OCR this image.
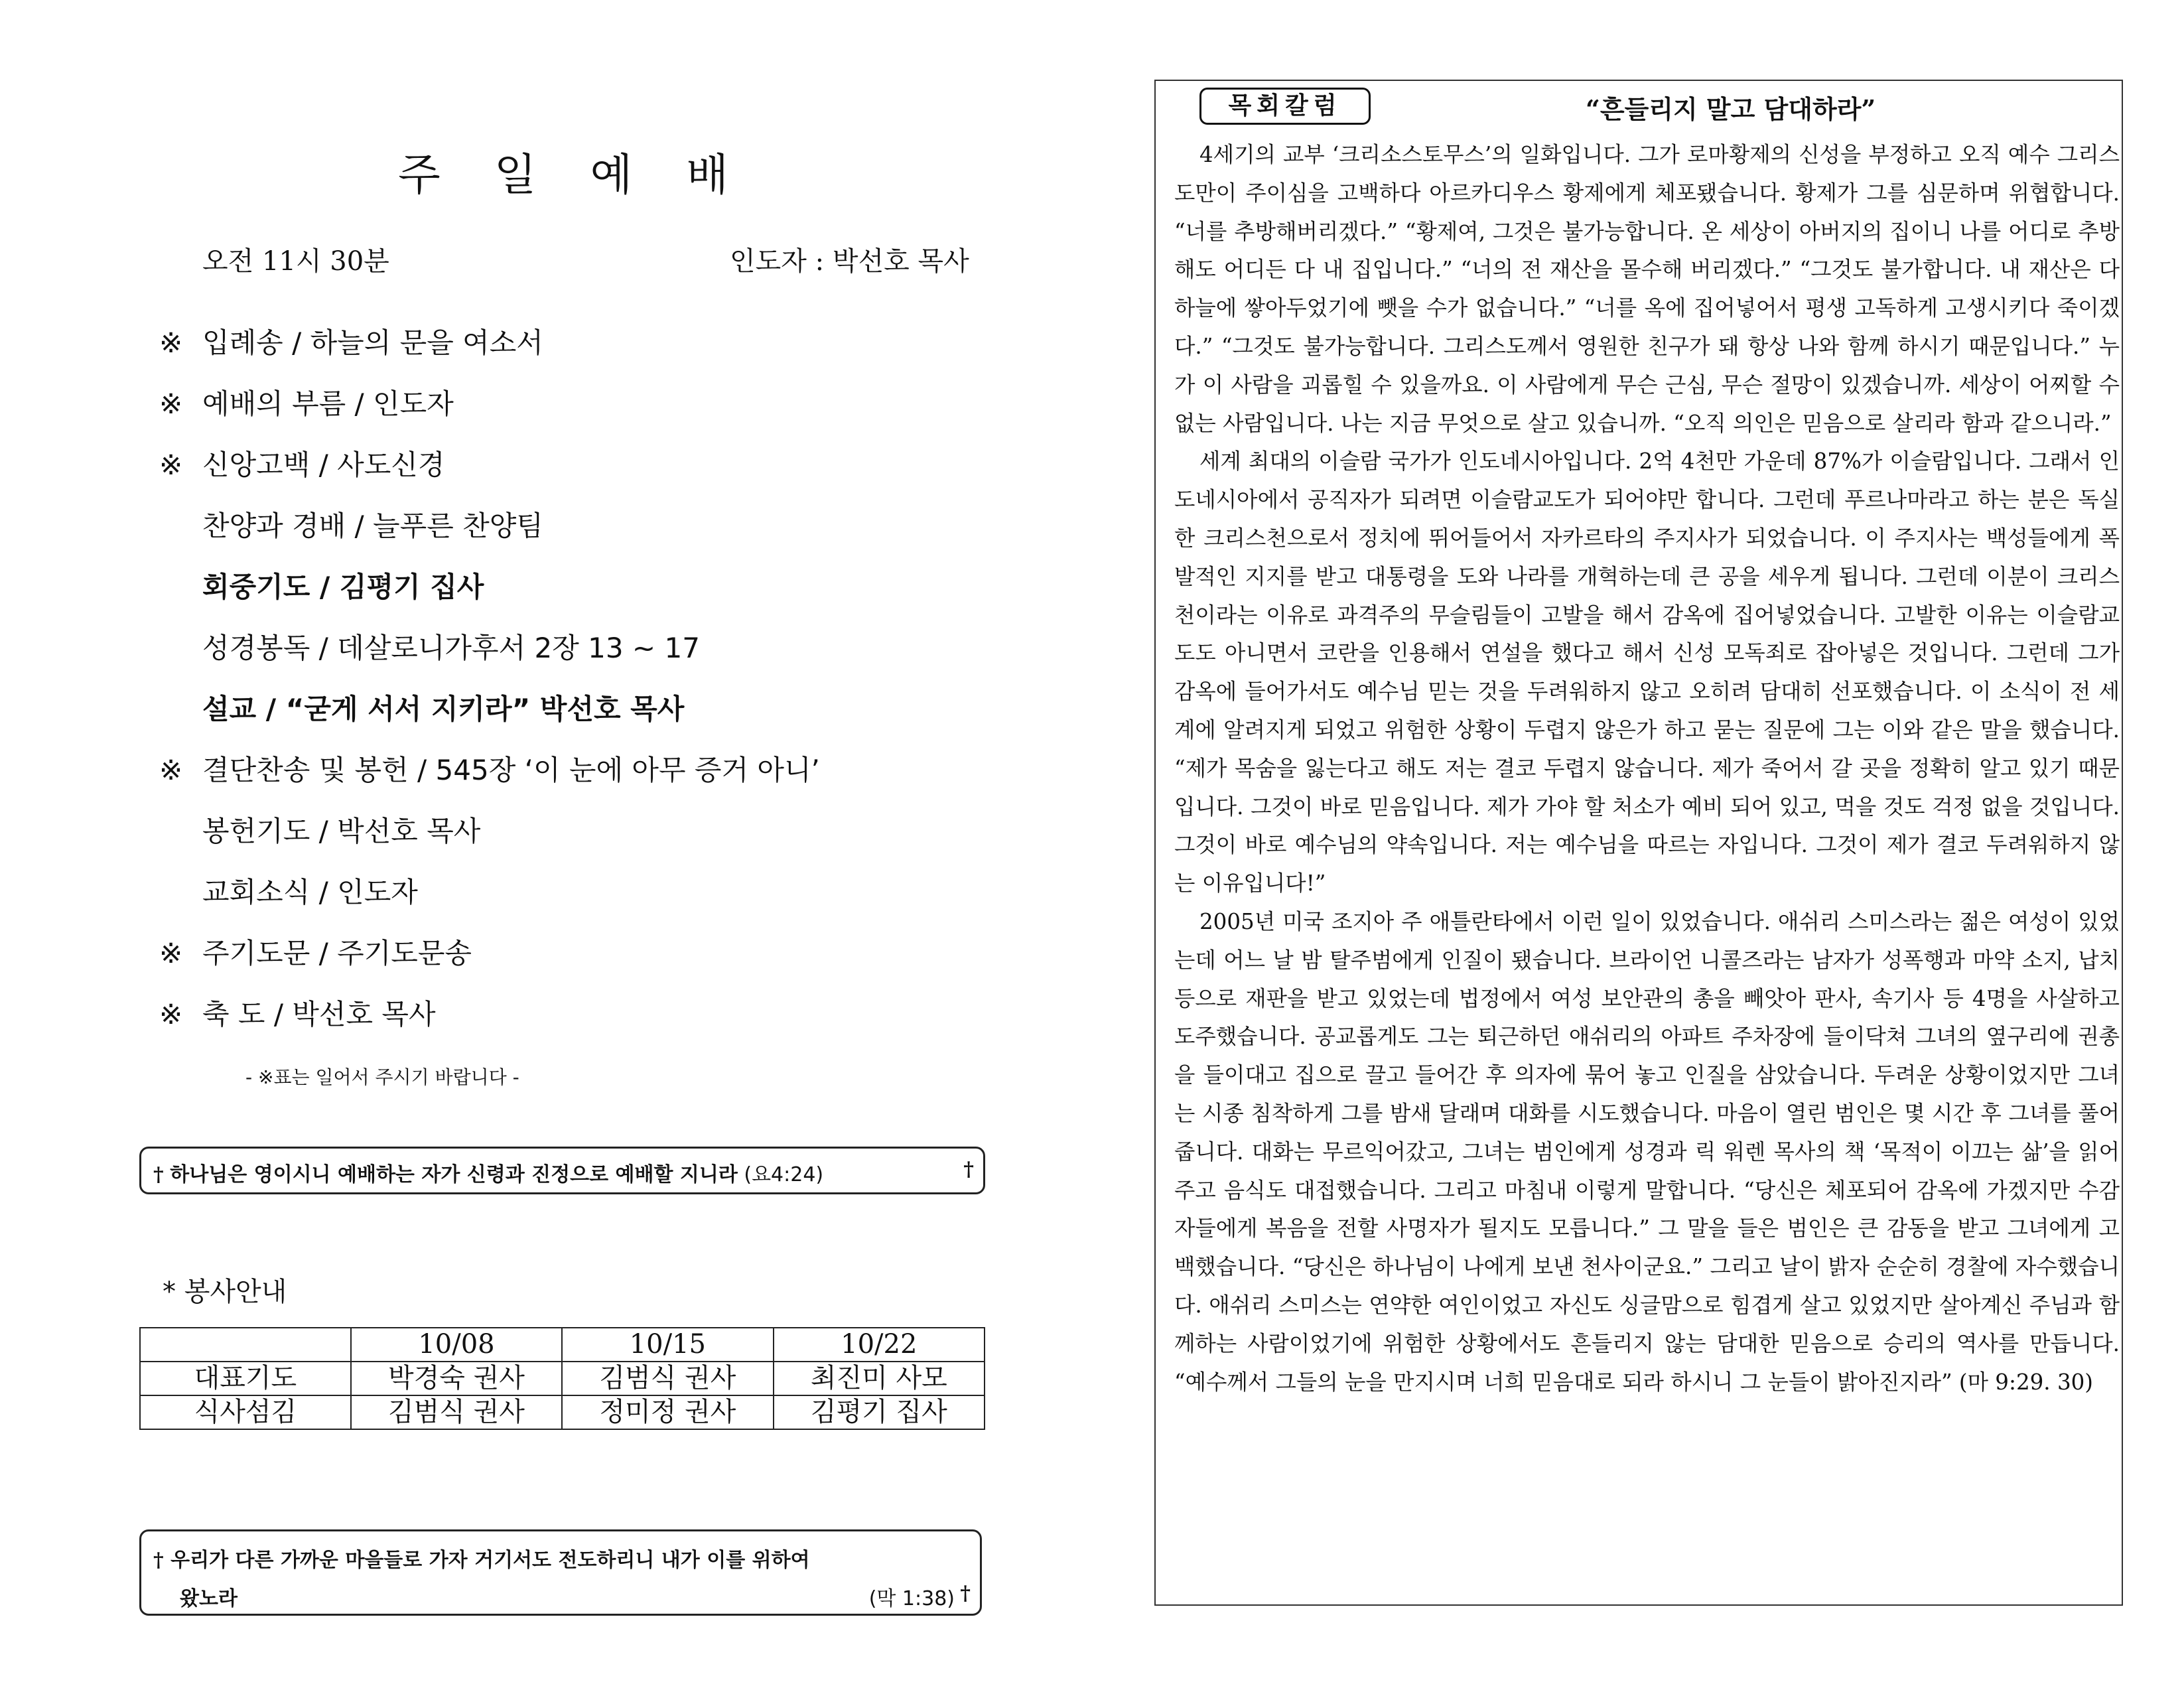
주 일 예 배
오전 11시 30분	인도자 : 박선호 목사
※ 입례송 / 하늘의 문을 여소서
※ 예배의 부름 / 인도자
※ 신앙고백 / 사도신경
찬양과 경배 / 늘푸른 찬양팀
회중기도 / 김평기 집사
성경봉독 / 데살로니가후서 2장 13 ~ 17
설교 / “굳게 서서 지키라” 박선호 목사
※ 결단찬송 및 봉헌 / 545장 ‘이 눈에 아무 증거 아니’
봉헌기도 / 박선호 목사
교회소식 / 인도자
※ 주기도문 / 주기도문송
※ 축 도 / 박선호 목사
- ※표는 일어서 주시기 바랍니다 -
† 하나님은 영이시니 예배하는 자가 신령과 진정으로 예배할 지니라 (요4:24)	†
* 봉사안내
	10/08	10/15	10/22
대표기도	박경숙 권사	김범식 권사	최진미 사모
식사섬김	김범식 권사	정미정 권사	김평기 집사
† 우리가 다른 가까운 마을들로 가자 거기서도 전도하리니 내가 이를 위하여
왔노라	(막 1:38) †
목회칼럼	“흔들리지 말고 담대하라”

4세기의 교부 ‘크리소스토무스’의 일화입니다. 그가 로마황제의 신성을 부정하고 오직 예수 그리스도만이 주이심을 고백하다 아르카디우스 황제에게 체포됐습니다. 황제가 그를 심문하며 위협합니다. “너를 추방해버리겠다.” “황제여, 그것은 불가능합니다. 온 세상이 아버지의 집이니 나를 어디로 추방해도 어디든 다 내 집입니다.” “너의 전 재산을 몰수해 버리겠다.” “그것도 불가합니다. 내 재산은 다 하늘에 쌓아두었기에 뺏을 수가 없습니다.” “너를 옥에 집어넣어서 평생 고독하게 고생시키다 죽이겠다.” “그것도 불가능합니다. 그리스도께서 영원한 친구가 돼 항상 나와 함께 하시기 때문입니다.” 누가 이 사람을 괴롭힐 수 있을까요. 이 사람에게 무슨 근심, 무슨 절망이 있겠습니까. 세상이 어찌할 수 없는 사람입니다. 나는 지금 무엇으로 살고 있습니까. “오직 의인은 믿음으로 살리라 함과 같으니라.”

세계 최대의 이슬람 국가가 인도네시아입니다. 2억 4천만 가운데 87%가 이슬람입니다. 그래서 인도네시아에서 공직자가 되려면 이슬람교도가 되어야만 합니다. 그런데 푸르나마라고 하는 분은 독실한 크리스천으로서 정치에 뛰어들어서 자카르타의 주지사가 되었습니다. 이 주지사는 백성들에게 폭발적인 지지를 받고 대통령을 도와 나라를 개혁하는데 큰 공을 세우게 됩니다. 그런데 이분이 크리스천이라는 이유로 과격주의 무슬림들이 고발을 해서 감옥에 집어넣었습니다. 고발한 이유는 이슬람교도도 아니면서 코란을 인용해서 연설을 했다고 해서 신성 모독죄로 잡아넣은 것입니다. 그런데 그가 감옥에 들어가서도 예수님 믿는 것을 두려워하지 않고 오히려 담대히 선포했습니다. 이 소식이 전 세계에 알려지게 되었고 위험한 상황이 두렵지 않은가 하고 묻는 질문에 그는 이와 같은 말을 했습니다. “제가 목숨을 잃는다고 해도 저는 결코 두렵지 않습니다. 제가 죽어서 갈 곳을 정확히 알고 있기 때문입니다. 그것이 바로 믿음입니다. 제가 가야 할 처소가 예비 되어 있고, 먹을 것도 걱정 없을 것입니다. 그것이 바로 예수님의 약속입니다. 저는 예수님을 따르는 자입니다. 그것이 제가 결코 두려워하지 않는 이유입니다!”

2005년 미국 조지아 주 애틀란타에서 이런 일이 있었습니다. 애쉬리 스미스라는 젊은 여성이 있었는데 어느 날 밤 탈주범에게 인질이 됐습니다. 브라이언 니콜즈라는 남자가 성폭행과 마약 소지, 납치 등으로 재판을 받고 있었는데 법정에서 여성 보안관의 총을 빼앗아 판사, 속기사 등 4명을 사살하고 도주했습니다. 공교롭게도 그는 퇴근하던 애쉬리의 아파트 주차장에 들이닥쳐 그녀의 옆구리에 권총을 들이대고 집으로 끌고 들어간 후 의자에 묶어 놓고 인질을 삼았습니다. 두려운 상황이었지만 그녀는 시종 침착하게 그를 밤새 달래며 대화를 시도했습니다. 마음이 열린 범인은 몇 시간 후 그녀를 풀어 줍니다. 대화는 무르익어갔고, 그녀는 범인에게 성경과 릭 워렌 목사의 책 ‘목적이 이끄는 삶’을 읽어주고 음식도 대접했습니다. 그리고 마침내 이렇게 말합니다. “당신은 체포되어 감옥에 가겠지만 수감자들에게 복음을 전할 사명자가 될지도 모릅니다.” 그 말을 들은 범인은 큰 감동을 받고 그녀에게 고백했습니다. “당신은 하나님이 나에게 보낸 천사이군요.” 그리고 날이 밝자 순순히 경찰에 자수했습니다. 애쉬리 스미스는 연약한 여인이었고 자신도 싱글맘으로 힘겹게 살고 있었지만 살아계신 주님과 함께하는 사람이었기에 위험한 상황에서도 흔들리지 않는 담대한 믿음으로 승리의 역사를 만듭니다. “예수께서 그들의 눈을 만지시며 너희 믿음대로 되라 하시니 그 눈들이 밝아진지라” (마 9:29. 30)
